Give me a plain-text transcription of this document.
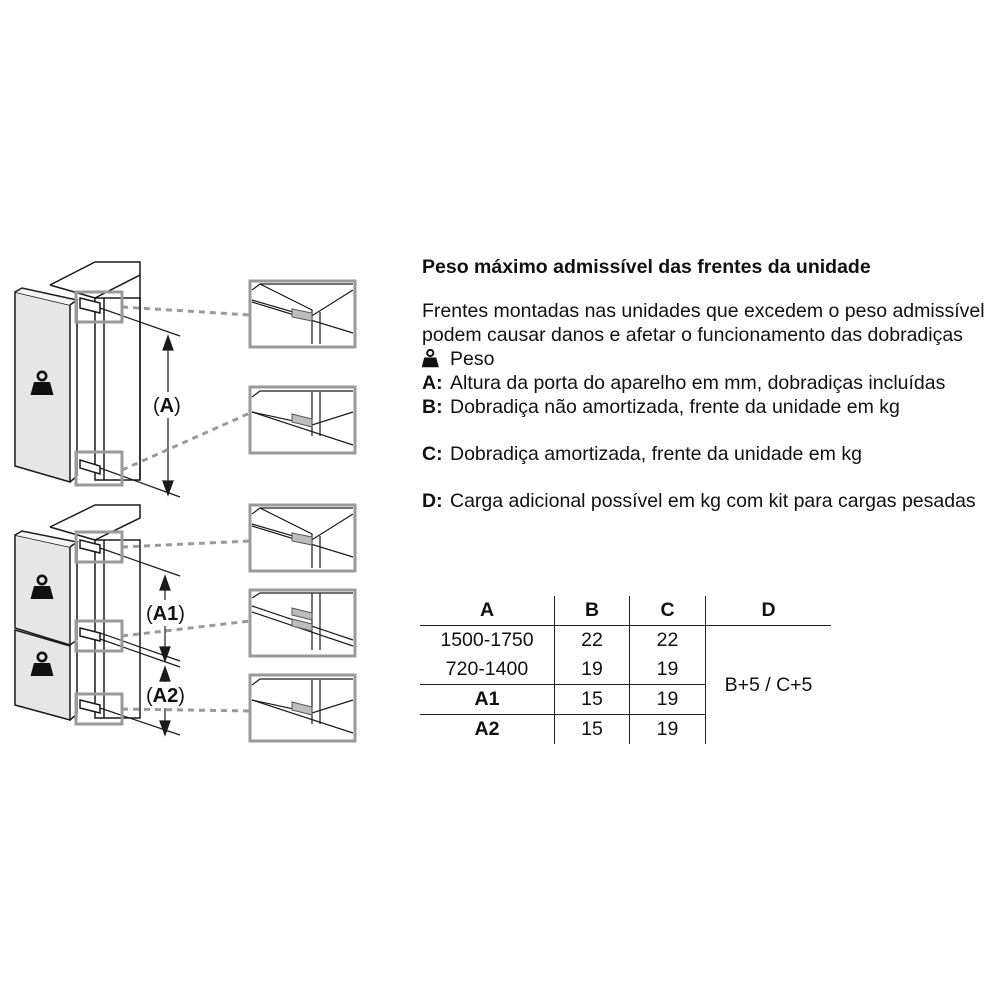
(A)
(A1)
(A2)

Peso máximo admissível das frentes da unidade

Frentes montadas nas unidades que excedem o peso admissível podem causar danos e afetar o funcionamento das dobradiças

Peso
A: Altura da porta do aparelho em mm, dobradiças incluídas
B: Dobradiça não amortizada, frente da unidade em kg
C: Dobradiça amortizada, frente da unidade em kg
D: Carga adicional possível em kg com kit para cargas pesadas
A	B	C	D
1500-1750	22	22	B+5 / C+5
720-1400	19	19	
A1	15	19	
A2	15	19	
